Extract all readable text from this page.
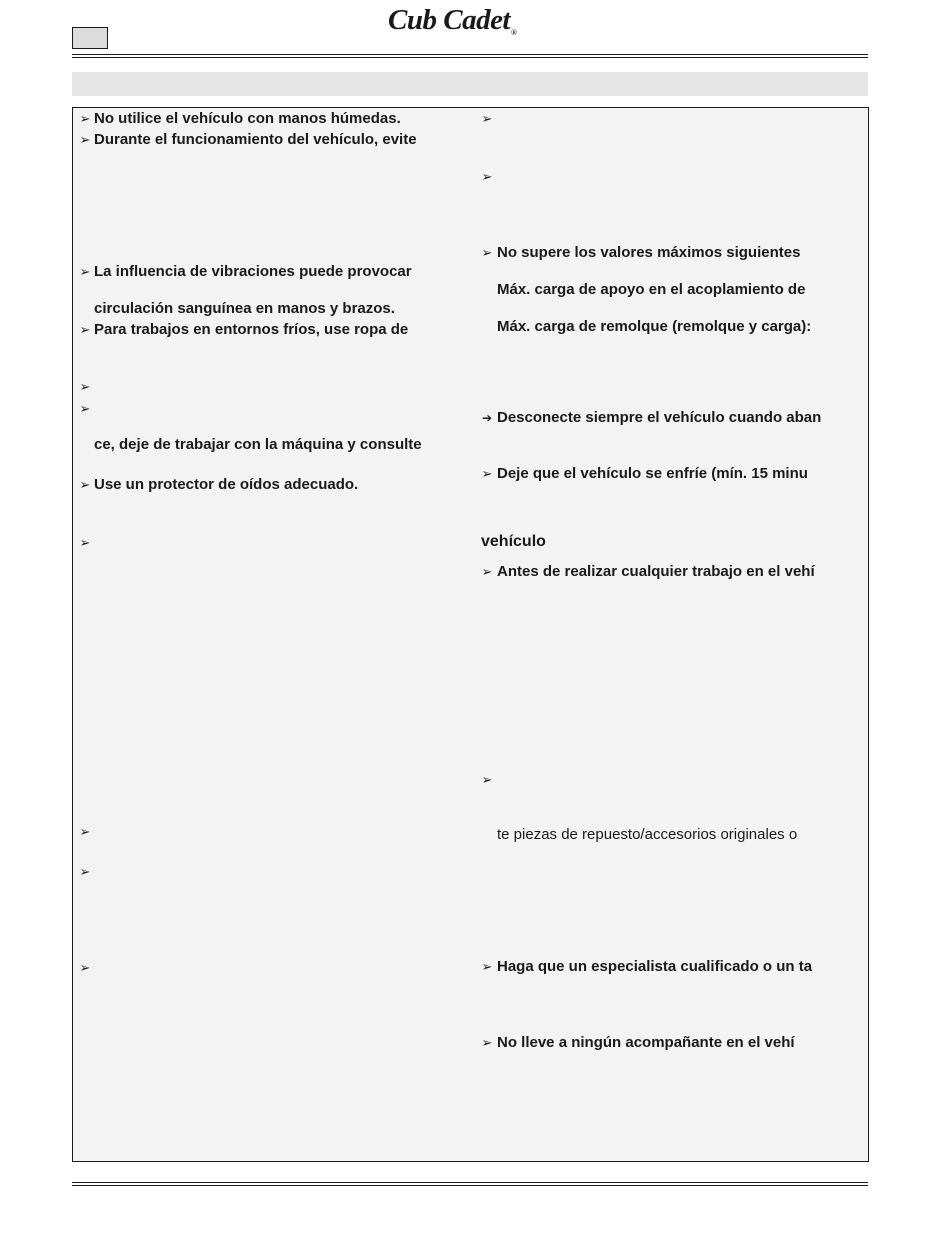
Cub Cadet®
➢ No utilice el vehículo con manos húmedas.
➢ Durante el funcionamiento del vehículo, evite
➢ La influencia de vibraciones puede provocar
circulación sanguínea en manos y brazos.
➢ Para trabajos en entornos fríos, use ropa de
➢
➢
ce, deje de trabajar con la máquina y consulte
➢ Use un protector de oídos adecuado.
➢
➢
➢
➢
➢
➢
➢ No supere los valores máximos siguientes
Máx. carga de apoyo en el acoplamiento de
Máx. carga de remolque (remolque y carga):
➔ Desconecte siempre el vehículo cuando aban
➢ Deje que el vehículo se enfríe (mín. 15 minu
vehículo
➢ Antes de realizar cualquier trabajo en el vehí
➢
te piezas de repuesto/accesorios originales o
➢ Haga que un especialista cualificado o un ta
➢ No lleve a ningún acompañante en el vehí
